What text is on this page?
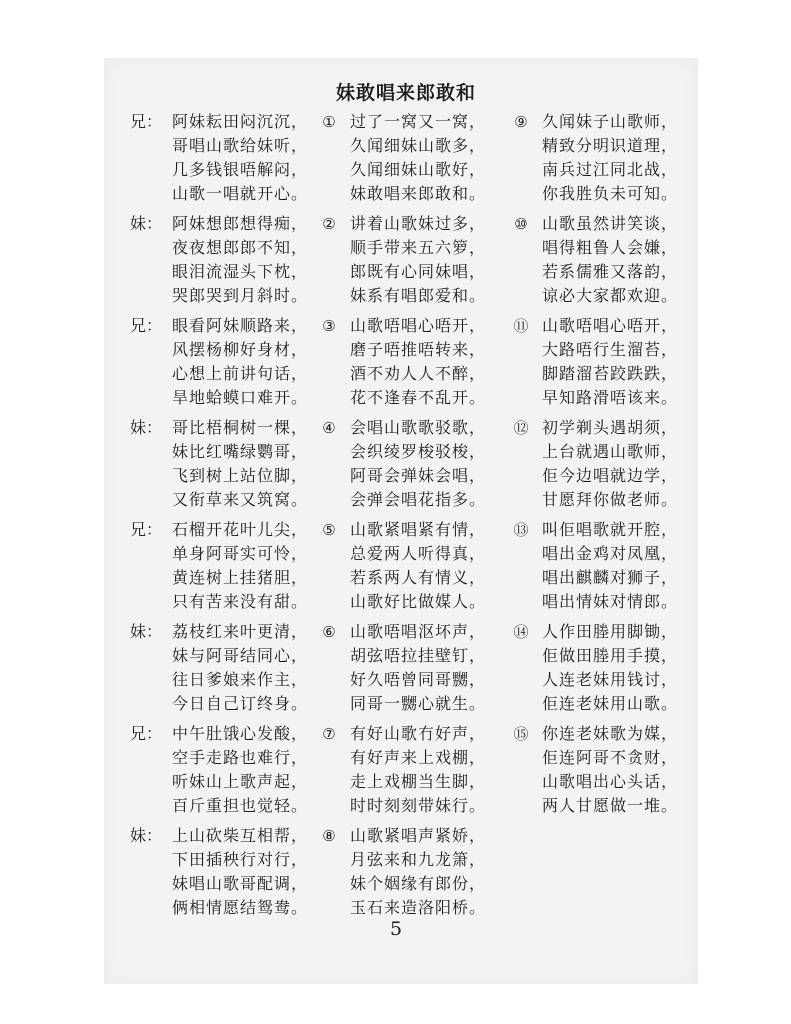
妹敢唱来郎敢和
兄： 阿妹耘田闷沉沉，
哥唱山歌给妹听，
几多钱银唔解闷，
山歌一唱就开心。
妹： 阿妹想郎想得痴，
夜夜想郎郎不知，
眼泪流湿头下枕，
哭郎哭到月斜时。
兄： 眼看阿妹顺路来，
风摆杨柳好身材，
心想上前讲句话，
旱地蛤蟆口难开。
妹： 哥比梧桐树一棵，
妹比红嘴绿鹦哥，
飞到树上站位脚，
又衔草来又筑窝。
兄： 石榴开花叶儿尖，
单身阿哥实可怜，
黄连树上挂猪胆，
只有苦来没有甜。
妹： 荔枝红来叶更清，
妹与阿哥结同心，
往日爹娘来作主，
今日自己订终身。
兄： 中午肚饿心发酸，
空手走路也难行，
听妹山上歌声起，
百斤重担也觉轻。
妹： 上山砍柴互相帮，
下田插秧行对行，
妹唱山歌哥配调，
俩相情愿结鸳鸯。
① 过了一窝又一窝，
久闻细妹山歌多，
久闻细妹山歌好，
妹敢唱来郎敢和。
② 讲着山歌妹过多，
顺手带来五六箩，
郎既有心同妹唱，
妹系有唱郎爱和。
③ 山歌唔唱心唔开，
磨子唔推唔转来，
酒不劝人人不醉，
花不逢春不乱开。
④ 会唱山歌歌驳歌，
会织绫罗梭驳梭，
阿哥会弹妹会唱，
会弹会唱花指多。
⑤ 山歌紧唱紧有情，
总爱两人听得真，
若系两人有情义，
山歌好比做媒人。
⑥ 山歌唔唱沤坏声，
胡弦唔拉挂壁钉，
好久唔曾同哥嬲，
同哥一嬲心就生。
⑦ 有好山歌冇好声，
有好声来上戏棚，
走上戏棚当生脚，
时时刻刻带妹行。
⑧ 山歌紧唱声紧娇，
月弦来和九龙箫，
妹个姻缘有郎份，
玉石来造洛阳桥。
⑨ 久闻妹子山歌师，
精致分明识道理，
南兵过江同北战，
你我胜负未可知。
⑩ 山歌虽然讲笑谈，
唱得粗鲁人会嫌，
若系儒雅又落韵，
谅必大家都欢迎。
⑪ 山歌唔唱心唔开，
大路唔行生溜苔，
脚踏溜苔跤跌跌，
早知路滑唔该来。
⑫ 初学剃头遇胡须，
上台就遇山歌师，
佢今边唱就边学，
甘愿拜你做老师。
⑬ 叫佢唱歌就开腔，
唱出金鸡对凤凰，
唱出麒麟对狮子，
唱出情妹对情郎。
⑭ 人作田塍用脚锄，
佢做田塍用手摸，
人连老妹用钱讨，
佢连老妹用山歌。
⑮ 你连老妹歌为媒，
佢连阿哥不贪财，
山歌唱出心头话，
两人甘愿做一堆。
5
